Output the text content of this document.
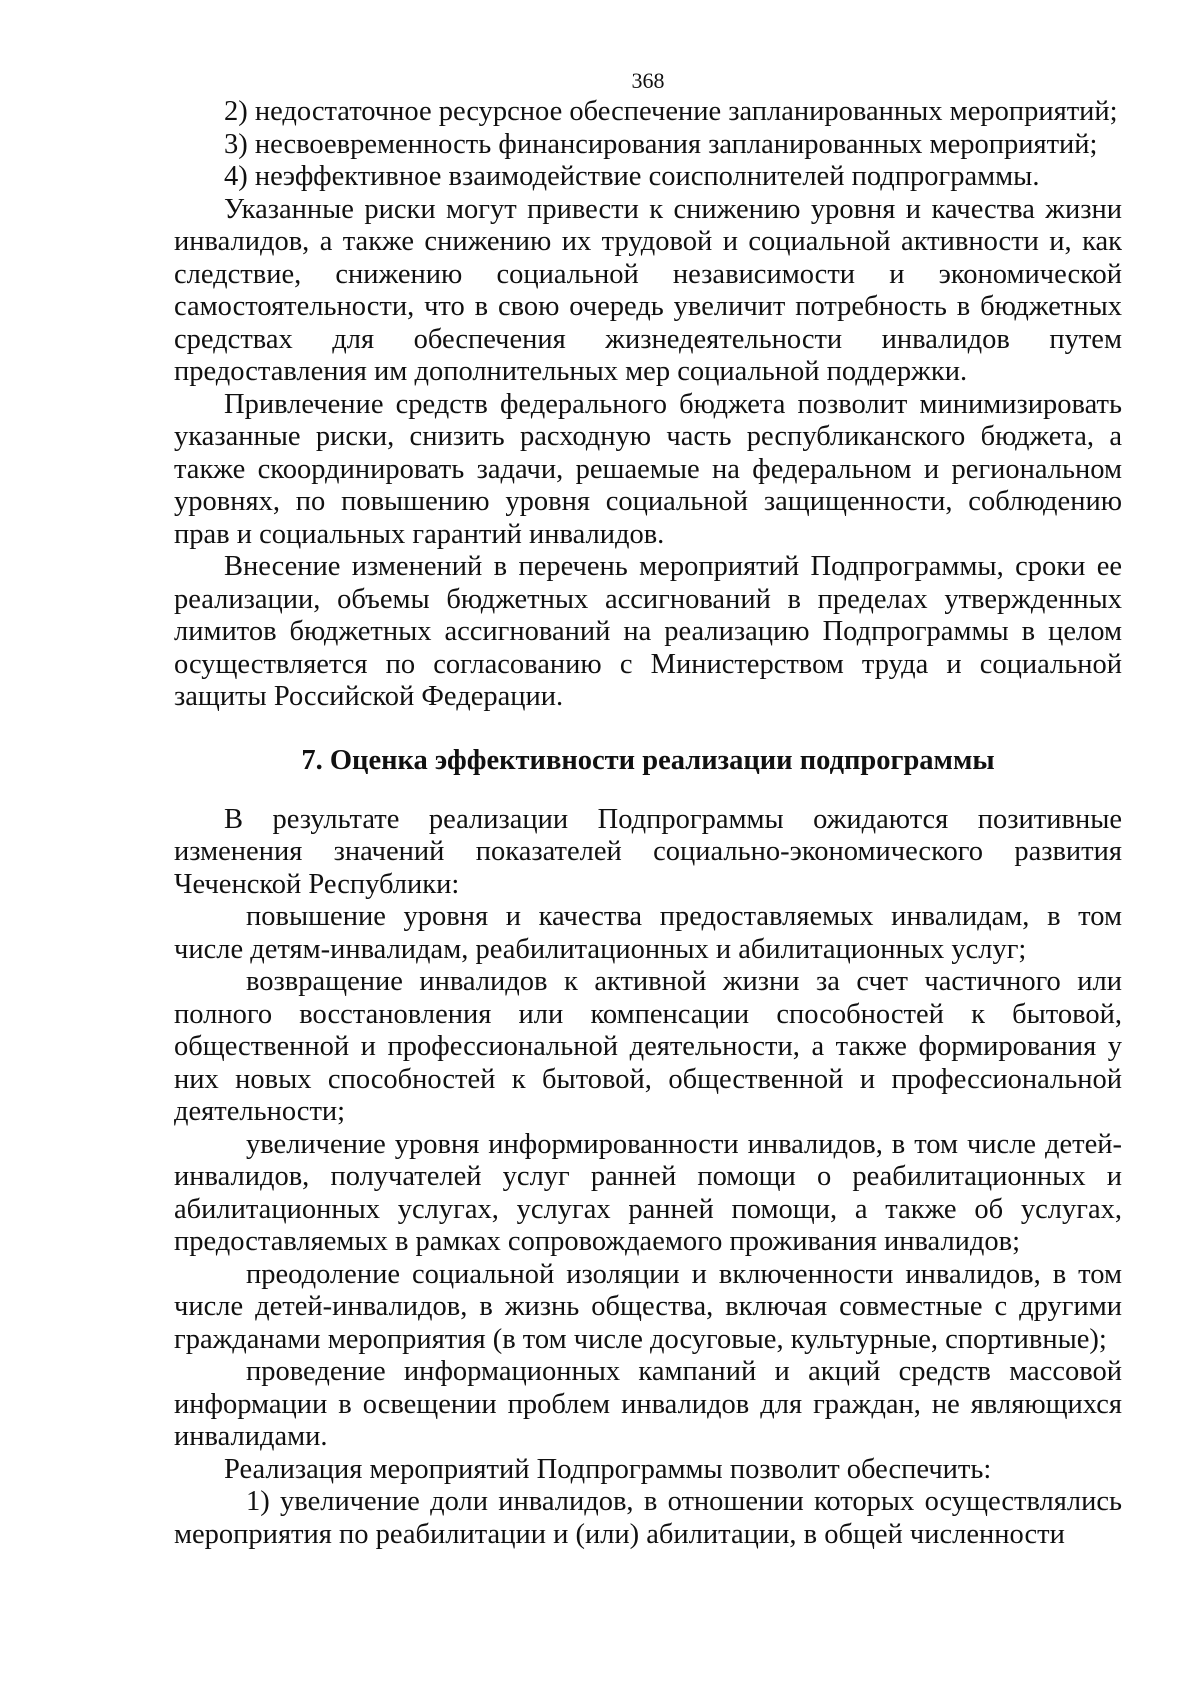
368

2) недостаточное ресурсное обеспечение запланированных мероприятий;

3) несвоевременность финансирования запланированных мероприятий;

4) неэффективное взаимодействие соисполнителей подпрограммы.

Указанные риски могут привести к снижению уровня и качества жизни инвалидов, а также снижению их трудовой и социальной активности и, как следствие, снижению социальной независимости и экономической самостоятельности, что в свою очередь увеличит потребность в бюджетных средствах для обеспечения жизнедеятельности инвалидов путем предоставления им дополнительных мер социальной поддержки.

Привлечение средств федерального бюджета позволит минимизировать указанные риски, снизить расходную часть республиканского бюджета, а также скоординировать задачи, решаемые на федеральном и региональном уровнях, по повышению уровня социальной защищенности, соблюдению прав и социальных гарантий инвалидов.

Внесение изменений в перечень мероприятий Подпрограммы, сроки ее реализации, объемы бюджетных ассигнований в пределах утвержденных лимитов бюджетных ассигнований на реализацию Подпрограммы в целом осуществляется по согласованию с Министерством труда и социальной защиты Российской Федерации.

7. Оценка эффективности реализации подпрограммы

В результате реализации Подпрограммы ожидаются позитивные изменения значений показателей социально-экономического развития Чеченской Республики:

повышение уровня и качества предоставляемых инвалидам, в том числе детям-инвалидам, реабилитационных и абилитационных услуг;

возвращение инвалидов к активной жизни за счет частичного или полного восстановления или компенсации способностей к бытовой, общественной и профессиональной деятельности, а также формирования у них новых способностей к бытовой, общественной и профессиональной деятельности;

увеличение уровня информированности инвалидов, в том числе детей-инвалидов, получателей услуг ранней помощи о реабилитационных и абилитационных услугах, услугах ранней помощи, а также об услугах, предоставляемых в рамках сопровождаемого проживания инвалидов;

преодоление социальной изоляции и включенности инвалидов, в том числе детей-инвалидов, в жизнь общества, включая совместные с другими гражданами мероприятия (в том числе досуговые, культурные, спортивные);

проведение информационных кампаний и акций средств массовой информации в освещении проблем инвалидов для граждан, не являющихся инвалидами.

Реализация мероприятий Подпрограммы позволит обеспечить:

1) увеличение доли инвалидов, в отношении которых осуществлялись мероприятия по реабилитации и (или) абилитации, в общей численности
